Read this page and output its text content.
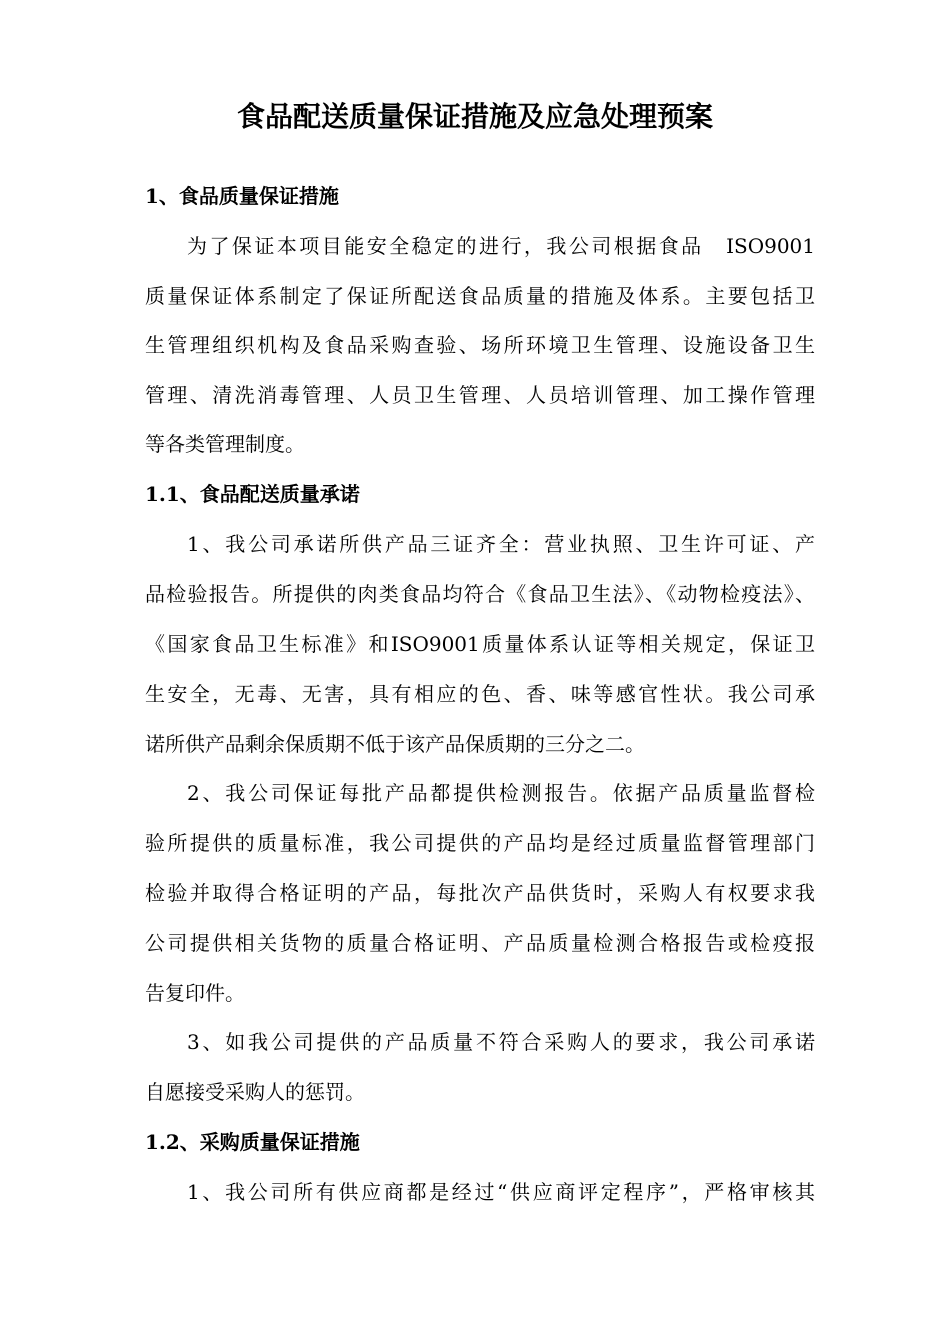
食品配送质量保证措施及应急处理预案
1、食品质量保证措施
为了保证本项目能安全稳定的进行，我公司根据食品　ISO9001
质量保证体系制定了保证所配送食品质量的措施及体系。主要包括卫
生管理组织机构及食品采购查验、场所环境卫生管理、设施设备卫生
管理、清洗消毒管理、人员卫生管理、人员培训管理、加工操作管理
等各类管理制度。
1.1、食品配送质量承诺
1、我公司承诺所供产品三证齐全：营业执照、卫生许可证、产
品检验报告。所提供的肉类食品均符合《食品卫生法》、《动物检疫法》、
《国家食品卫生标准》和ISO9001质量体系认证等相关规定，保证卫
生安全，无毒、无害，具有相应的色、香、味等感官性状。我公司承
诺所供产品剩余保质期不低于该产品保质期的三分之二。
2、我公司保证每批产品都提供检测报告。依据产品质量监督检
验所提供的质量标准，我公司提供的产品均是经过质量监督管理部门
检验并取得合格证明的产品，每批次产品供货时，采购人有权要求我
公司提供相关货物的质量合格证明、产品质量检测合格报告或检疫报
告复印件。
3、如我公司提供的产品质量不符合采购人的要求，我公司承诺
自愿接受采购人的惩罚。
1.2、采购质量保证措施
1、我公司所有供应商都是经过“供应商评定程序”，严格审核其
